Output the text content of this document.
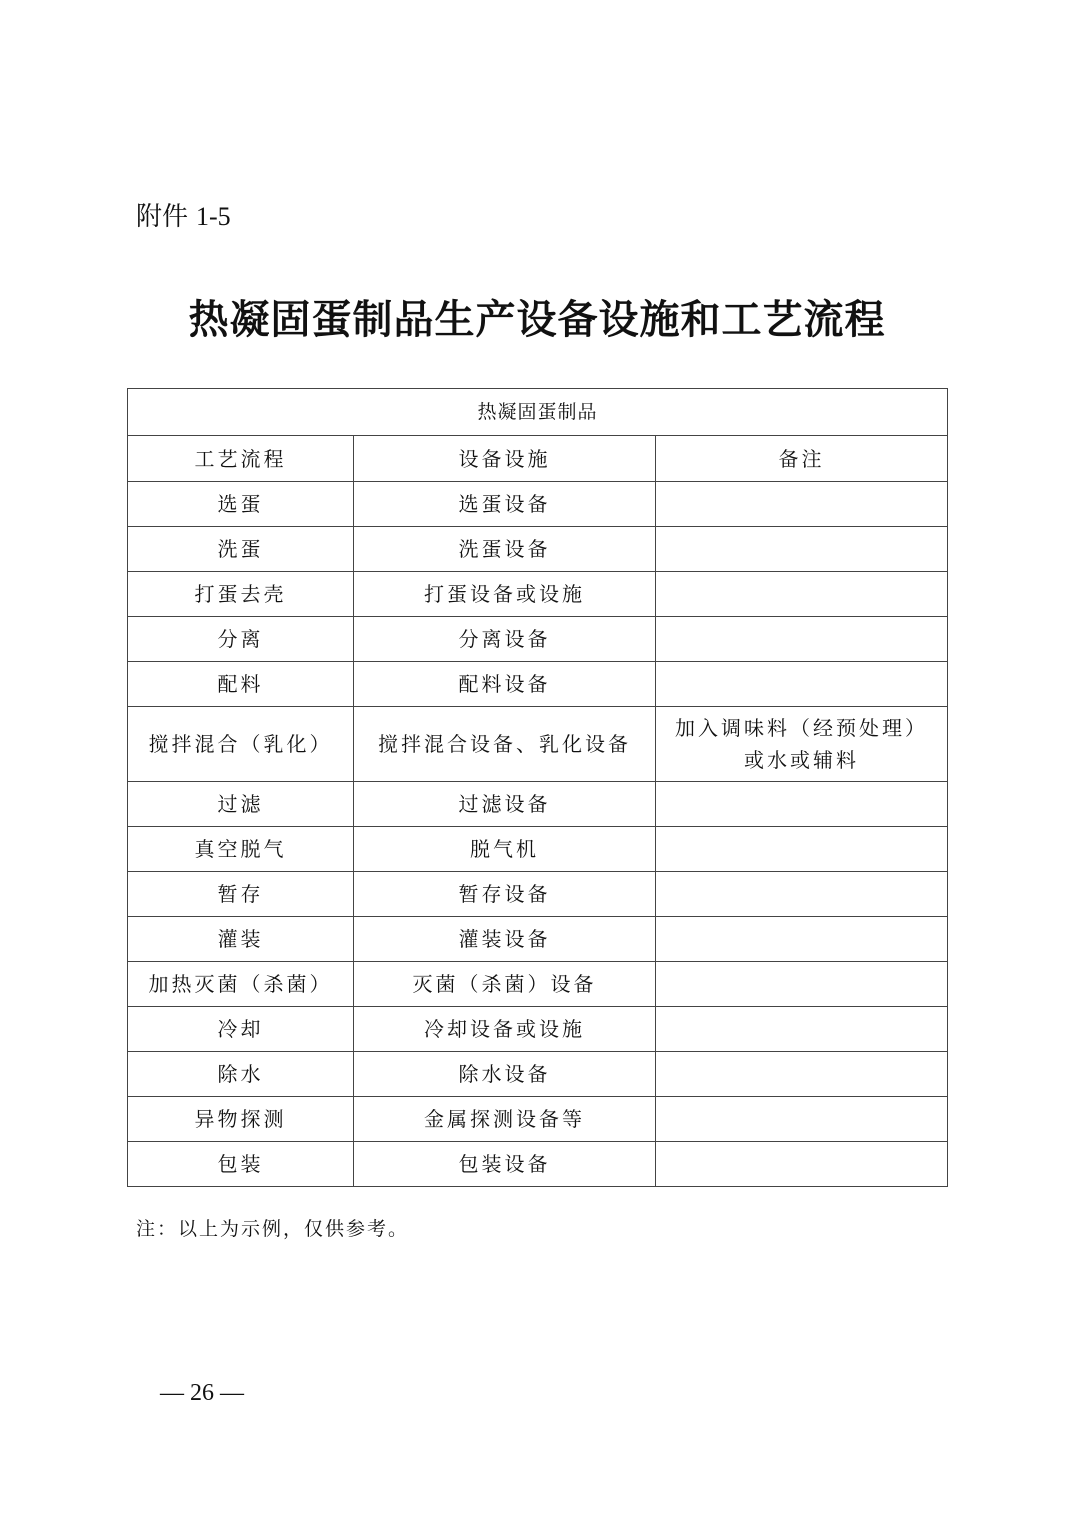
附件 1-5
热凝固蛋制品生产设备设施和工艺流程
热凝固蛋制品		
工艺流程	设备设施	备注
选蛋	选蛋设备	
洗蛋	洗蛋设备	
打蛋去壳	打蛋设备或设施	
分离	分离设备	
配料	配料设备	
搅拌混合（乳化）	搅拌混合设备、乳化设备	加入调味料（经预处理）或水或辅料
过滤	过滤设备	
真空脱气	脱气机	
暂存	暂存设备	
灌装	灌装设备	
加热灭菌（杀菌）	灭菌（杀菌）设备	
冷却	冷却设备或设施	
除水	除水设备	
异物探测	金属探测设备等	
包装	包装设备	
注：以上为示例，仅供参考。
— 26 —
